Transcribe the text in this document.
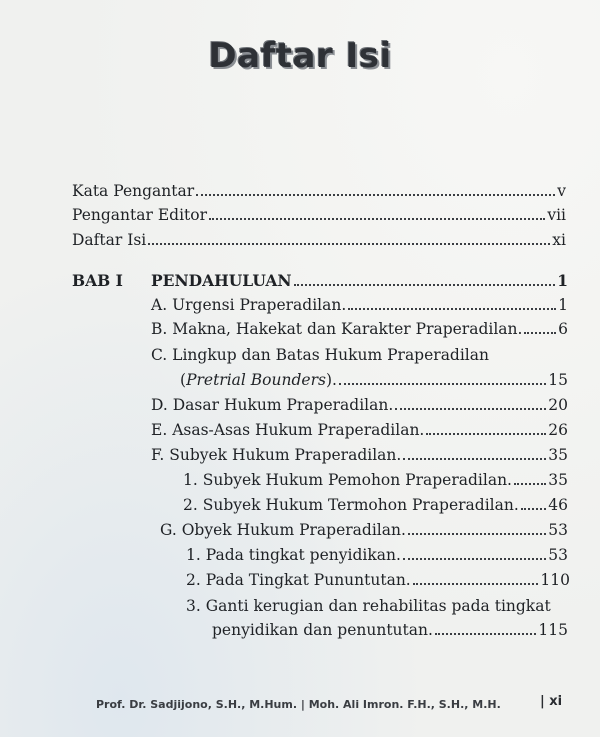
Daftar Isi
Kata Pengantar	v
Pengantar Editor	vii
Daftar Isi	xi
BAB I PENDAHULUAN	1
A. Urgensi Praperadilan.	1
B. Makna, Hakekat dan Karakter Praperadilan. 6
C. Lingkup dan Batas Hukum Praperadilan
(Pretrial Bounders).	15
D. Dasar Hukum Praperadilan.	20
E. Asas-Asas Hukum Praperadilan.	26
F. Subyek Hukum Praperadilan.	35
1. Subyek Hukum Pemohon Praperadilan. 35
2. Subyek Hukum Termohon Praperadilan. 46
G. Obyek Hukum Praperadilan.	53
1. Pada tingkat penyidikan.	53
2. Pada Tingkat Pununtutan.	110
3. Ganti kerugian dan rehabilitas pada tingkat
penyidikan dan penuntutan.	115
Prof. Dr. Sadjijono, S.H., M.Hum. | Moh. Ali Imron. F.H., S.H., M.H.	| xi
